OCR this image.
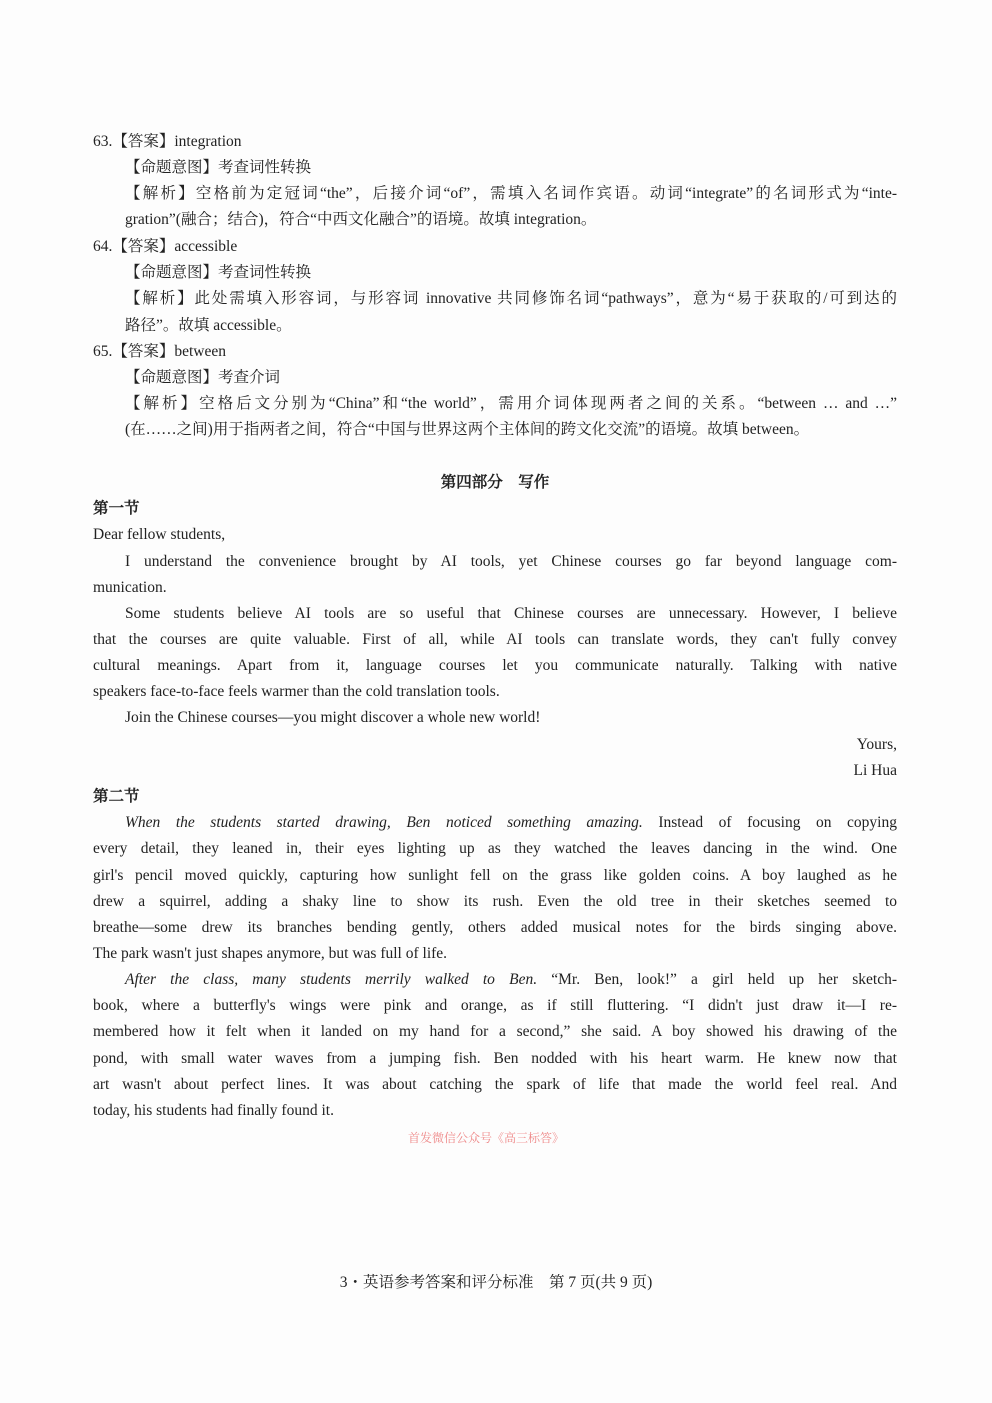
63.【答案】integration
【命题意图】考查词性转换
【解析】空格前为定冠词“the”，后接介词“of”，需填入名词作宾语。动词“integrate”的名词形式为“inte-
gration”(融合；结合)，符合“中西文化融合”的语境。故填 integration。
64.【答案】accessible
【命题意图】考查词性转换
【解析】此处需填入形容词，与形容词 innovative 共同修饰名词“pathways”，意为“易于获取的/可到达的
路径”。故填 accessible。
65.【答案】between
【命题意图】考查介词
【解析】空格后文分别为“China”和“the world”，需用介词体现两者之间的关系。“between … and …”
(在……之间)用于指两者之间，符合“中国与世界这两个主体间的跨文化交流”的语境。故填 between。
第四部分　写作
第一节
Dear fellow students,
I understand the convenience brought by AI tools, yet Chinese courses go far beyond language com-
munication.
Some students believe AI tools are so useful that Chinese courses are unnecessary. However, I believe
that the courses are quite valuable. First of all, while AI tools can translate words, they can't fully convey
cultural meanings. Apart from it, language courses let you communicate naturally. Talking with native
speakers face-to-face feels warmer than the cold translation tools.
Join the Chinese courses—you might discover a whole new world!
Yours,
Li Hua
第二节
When the students started drawing, Ben noticed something amazing. Instead of focusing on copying
every detail, they leaned in, their eyes lighting up as they watched the leaves dancing in the wind. One
girl's pencil moved quickly, capturing how sunlight fell on the grass like golden coins. A boy laughed as he
drew a squirrel, adding a shaky line to show its rush. Even the old tree in their sketches seemed to
breathe—some drew its branches bending gently, others added musical notes for the birds singing above.
The park wasn't just shapes anymore, but was full of life.
After the class, many students merrily walked to Ben. “Mr. Ben, look!” a girl held up her sketch-
book, where a butterfly's wings were pink and orange, as if still fluttering. “I didn't just draw it—I re-
membered how it felt when it landed on my hand for a second,” she said. A boy showed his drawing of the
pond, with small water waves from a jumping fish. Ben nodded with his heart warm. He knew now that
art wasn't about perfect lines. It was about catching the spark of life that made the world feel real. And
today, his students had finally found it.
首发微信公众号《高三标答》
3・英语参考答案和评分标准　第 7 页(共 9 页)
